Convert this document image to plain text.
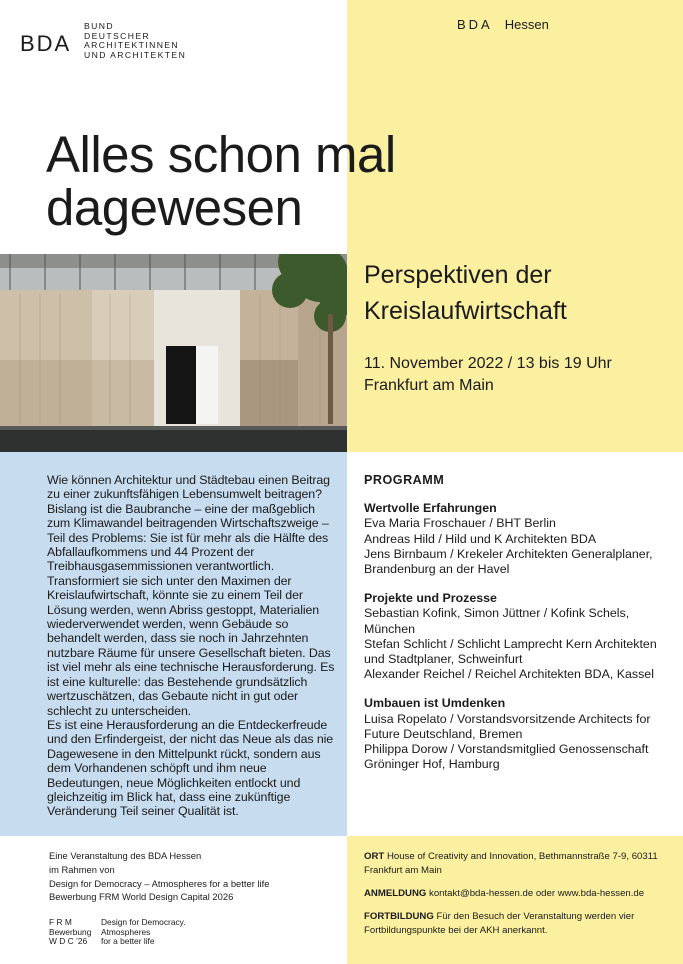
BDA
BUND
DEUTSCHER
ARCHITEKTINNEN
UND ARCHITEKTEN
BDA Hessen
Alles schon mal
dagewesen
Perspektiven der
Kreislaufwirtschaft
11. November 2022 / 13 bis 19 Uhr
Frankfurt am Main

Wie können Architektur und Städtebau einen Beitrag zu einer zukunftsfähigen Lebensumwelt beitragen? Bislang ist die Baubranche – eine der maßgeblich zum Klimawandel beitragenden Wirtschaftszweige – Teil des Problems: Sie ist für mehr als die Hälfte des Abfallaufkommens und 44 Prozent der Treibhausgasemmissionen verantwortlich. Transformiert sie sich unter den Maximen der Kreislaufwirtschaft, könnte sie zu einem Teil der Lösung werden, wenn Abriss gestoppt, Materialien wiederverwendet werden, wenn Gebäude so behandelt werden, dass sie noch in Jahrzehnten nutzbare Räume für unsere Gesellschaft bieten. Das ist viel mehr als eine technische Herausforderung. Es ist eine kulturelle: das Bestehende grundsätzlich wertzuschätzen, das Gebaute nicht in gut oder schlecht zu unterscheiden.

Es ist eine Herausforderung an die Entdeckerfreude und den Erfindergeist, der nicht das Neue als das nie Dagewesene in den Mittelpunkt rückt, sondern aus dem Vorhandenen schöpft und ihm neue Bedeutungen, neue Möglichkeiten entlockt und gleichzeitig im Blick hat, dass eine zukünftige Veränderung Teil seiner Qualität ist.

PROGRAMM
Wertvolle Erfahrungen
Eva Maria Froschauer / BHT Berlin
Andreas Hild / Hild und K Architekten BDA
Jens Birnbaum / Krekeler Architekten Generalplaner, Brandenburg an der Havel
Projekte und Prozesse
Sebastian Kofink, Simon Jüttner / Kofink Schels, München
Stefan Schlicht / Schlicht Lamprecht Kern Architekten und Stadtplaner, Schweinfurt
Alexander Reichel / Reichel Architekten BDA, Kassel
Umbauen ist Umdenken
Luisa Ropelato / Vorstandsvorsitzende Architects for Future Deutschland, Bremen
Philippa Dorow / Vorstandsmitglied Genossenschaft Gröninger Hof, Hamburg
Eine Veranstaltung des BDA Hessen
im Rahmen von
Design for Democracy – Atmospheres for a better life
Bewerbung FRM World Design Capital 2026
F R M
Bewerbung
W D C ’26
Design for Democracy.
Atmospheres
for a better life
ORT House of Creativity and Innovation, Bethmannstraße 7-9, 60311 Frankfurt am Main
ANMELDUNG kontakt@bda-hessen.de oder www.bda-hessen.de
FORTBILDUNG Für den Besuch der Veranstaltung werden vier Fortbildungspunkte bei der AKH anerkannt.
